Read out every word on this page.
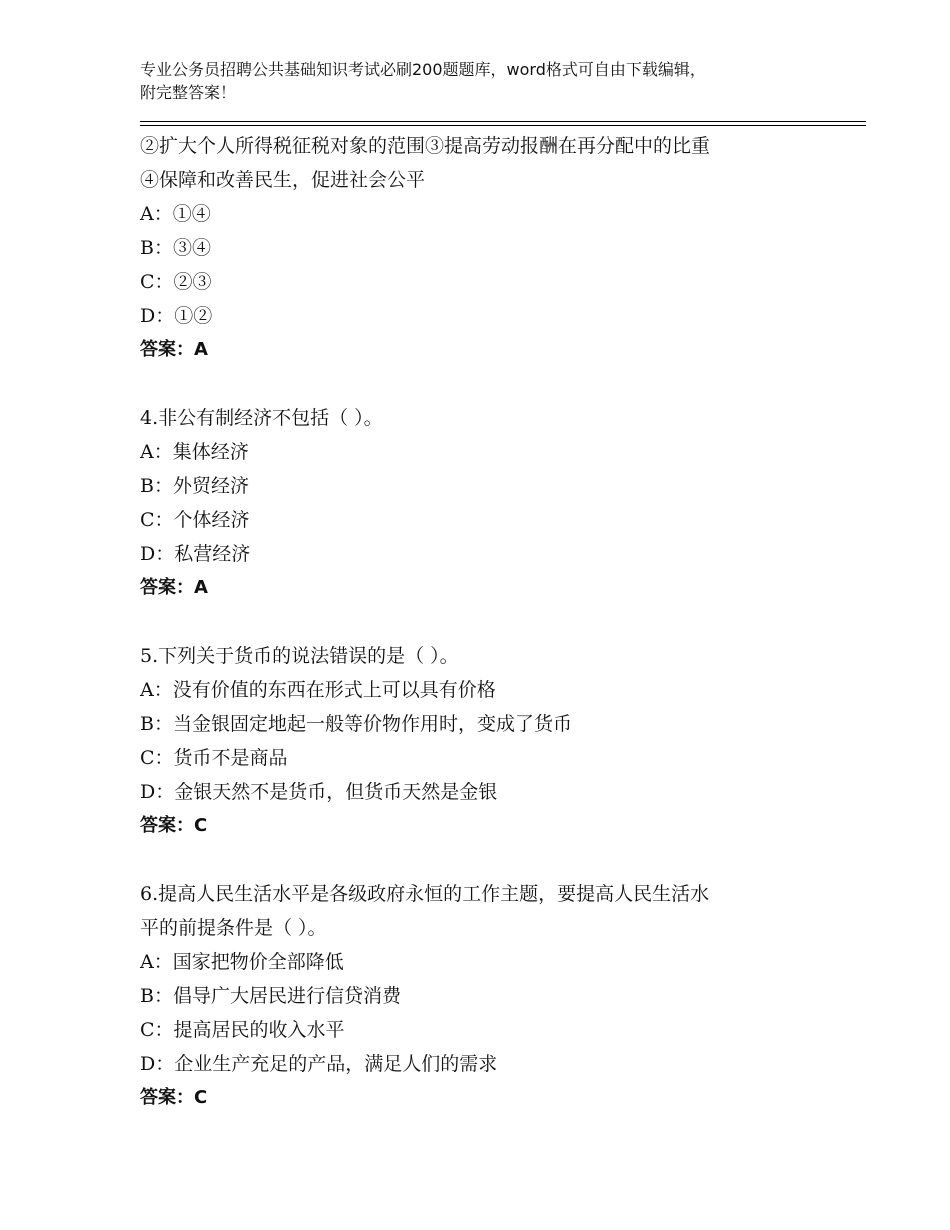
专业公务员招聘公共基础知识考试必刷200题题库，word格式可自由下载编辑，
附完整答案！
②扩大个人所得税征税对象的范围③提高劳动报酬在再分配中的比重
④保障和改善民生，促进社会公平
A：①④
B：③④
C：②③
D：①②
答案：A
4.非公有制经济不包括（ ）。
A：集体经济
B：外贸经济
C：个体经济
D：私营经济
答案：A
5.下列关于货币的说法错误的是（ ）。
A：没有价值的东西在形式上可以具有价格
B：当金银固定地起一般等价物作用时，变成了货币
C：货币不是商品
D：金银天然不是货币，但货币天然是金银
答案：C
6.提高人民生活水平是各级政府永恒的工作主题，要提高人民生活水
平的前提条件是（ ）。
A：国家把物价全部降低
B：倡导广大居民进行信贷消费
C：提高居民的收入水平
D：企业生产充足的产品，满足人们的需求
答案：C
